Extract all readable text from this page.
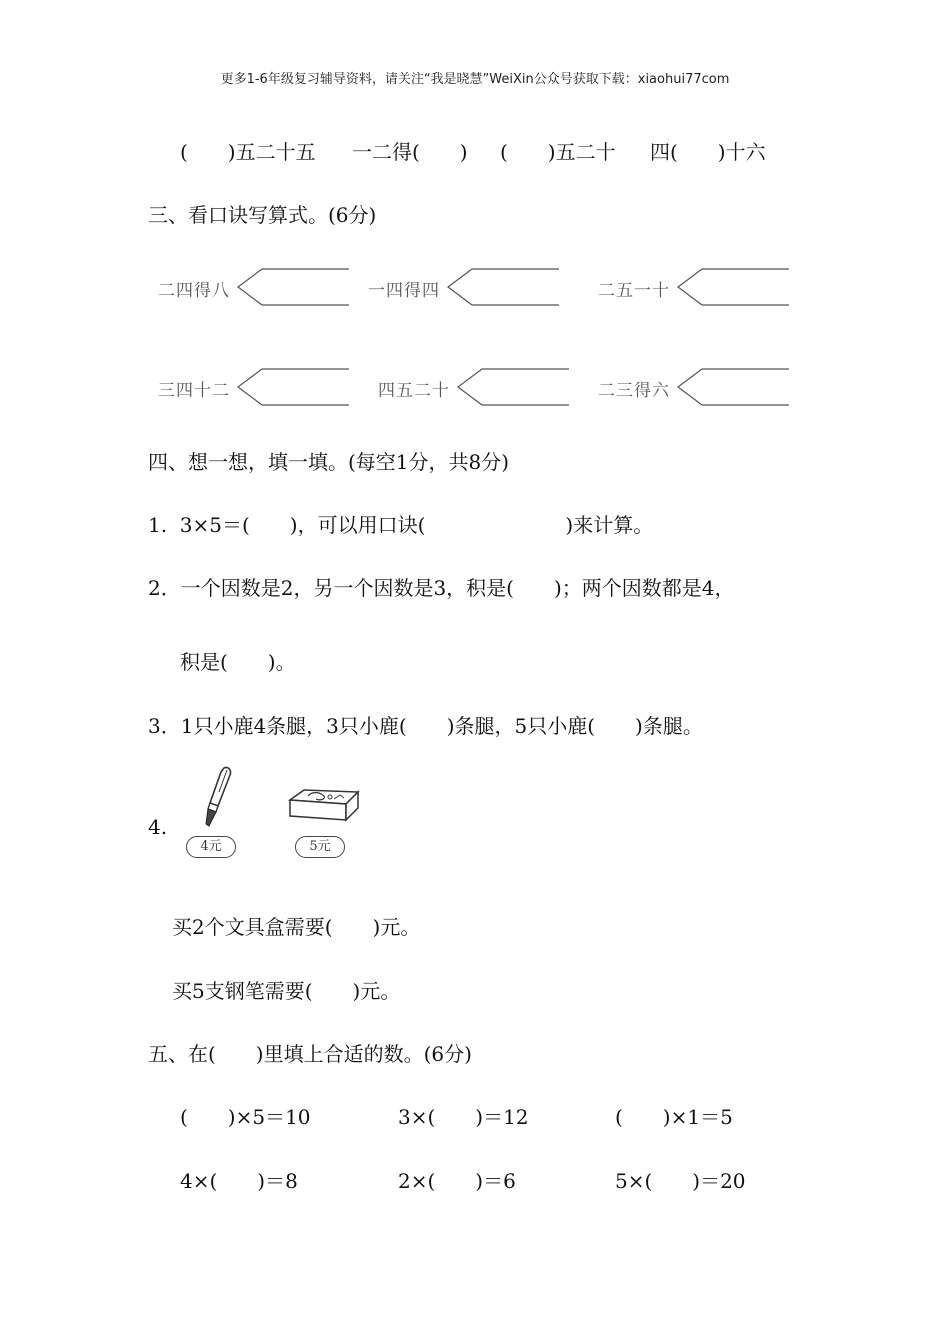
更多1-6年级复习辅导资料，请关注“我是晓慧”WeiXin公众号获取下载：xiaohui77com
(　　)五二十五 一二得(　　) (　　)五二十 四(　　)十六
三、看口诀写算式。(6分)
二四得八	一四得四	二五一十
三四十二	四五二十	二三得六
四、想一想，填一填。(每空1分，共8分)
1.  3×5＝(　　)，可以用口诀(　　　　　　　)来计算。
2．一个因数是2，另一个因数是3，积是(　　)；两个因数都是4，
积是(　　)。
3．1只小鹿4条腿，3只小鹿(　　)条腿，5只小鹿(　　)条腿。
4.
4元	5元
买2个文具盒需要(　　)元。
买5支钢笔需要(　　)元。
五、在(　　)里填上合适的数。(6分)
(　　)×5＝10	3×(　　)＝12	(　　)×1＝5
4×(　　)＝8	2×(　　)＝6	5×(　　)＝20
